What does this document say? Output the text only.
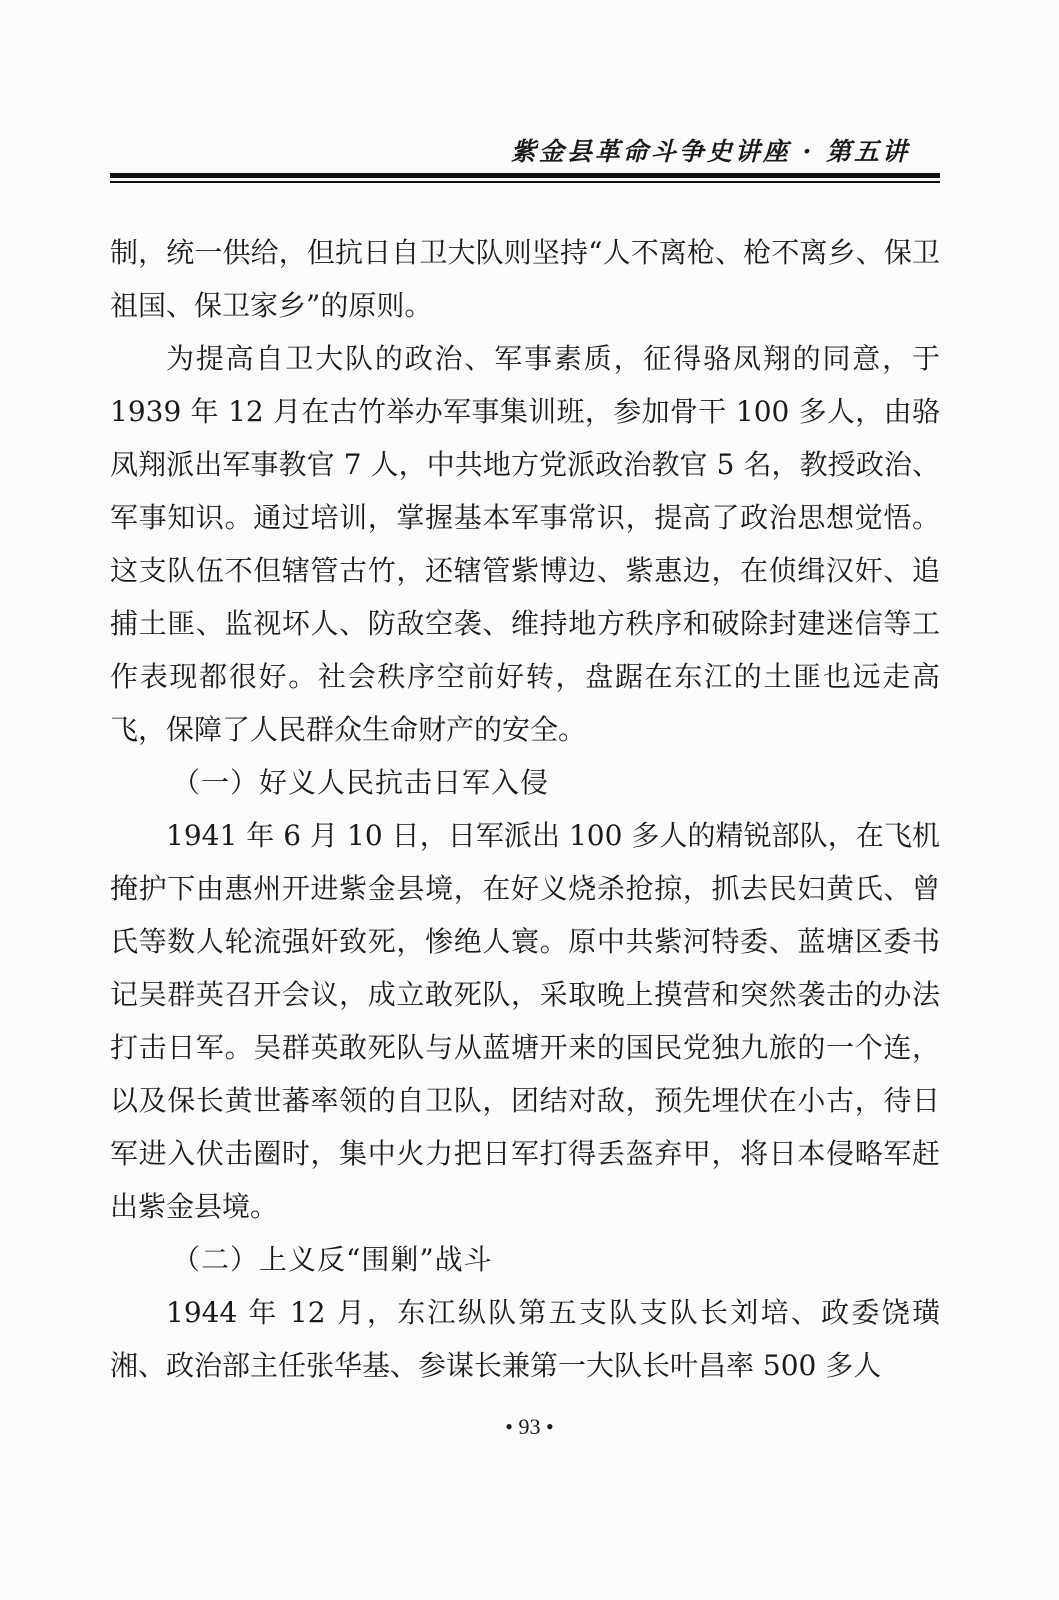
紫金县革命斗争史讲座 · 第五讲

制，统一供给，但抗日自卫大队则坚持“人不离枪、枪不离乡、保卫祖国、保卫家乡”的原则。

为提高自卫大队的政治、军事素质，征得骆凤翔的同意，于 1939 年 12 月在古竹举办军事集训班，参加骨干 100 多人，由骆凤翔派出军事教官 7 人，中共地方党派政治教官 5 名，教授政治、军事知识。通过培训，掌握基本军事常识，提高了政治思想觉悟。这支队伍不但辖管古竹，还辖管紫博边、紫惠边，在侦缉汉奸、追捕土匪、监视坏人、防敌空袭、维持地方秩序和破除封建迷信等工作表现都很好。社会秩序空前好转，盘踞在东江的土匪也远走高飞，保障了人民群众生命财产的安全。

（一）好义人民抗击日军入侵

1941 年 6 月 10 日，日军派出 100 多人的精锐部队，在飞机掩护下由惠州开进紫金县境，在好义烧杀抢掠，抓去民妇黄氏、曾氏等数人轮流强奸致死，惨绝人寰。原中共紫河特委、蓝塘区委书记吴群英召开会议，成立敢死队，采取晚上摸营和突然袭击的办法打击日军。吴群英敢死队与从蓝塘开来的国民党独九旅的一个连，以及保长黄世蕃率领的自卫队，团结对敌，预先埋伏在小古，待日军进入伏击圈时，集中火力把日军打得丢盔弃甲，将日本侵略军赶出紫金县境。

（二）上义反“围剿”战斗

1944 年 12 月，东江纵队第五支队支队长刘培、政委饶璜湘、政治部主任张华基、参谋长兼第一大队长叶昌率 500 多人

• 93 •
